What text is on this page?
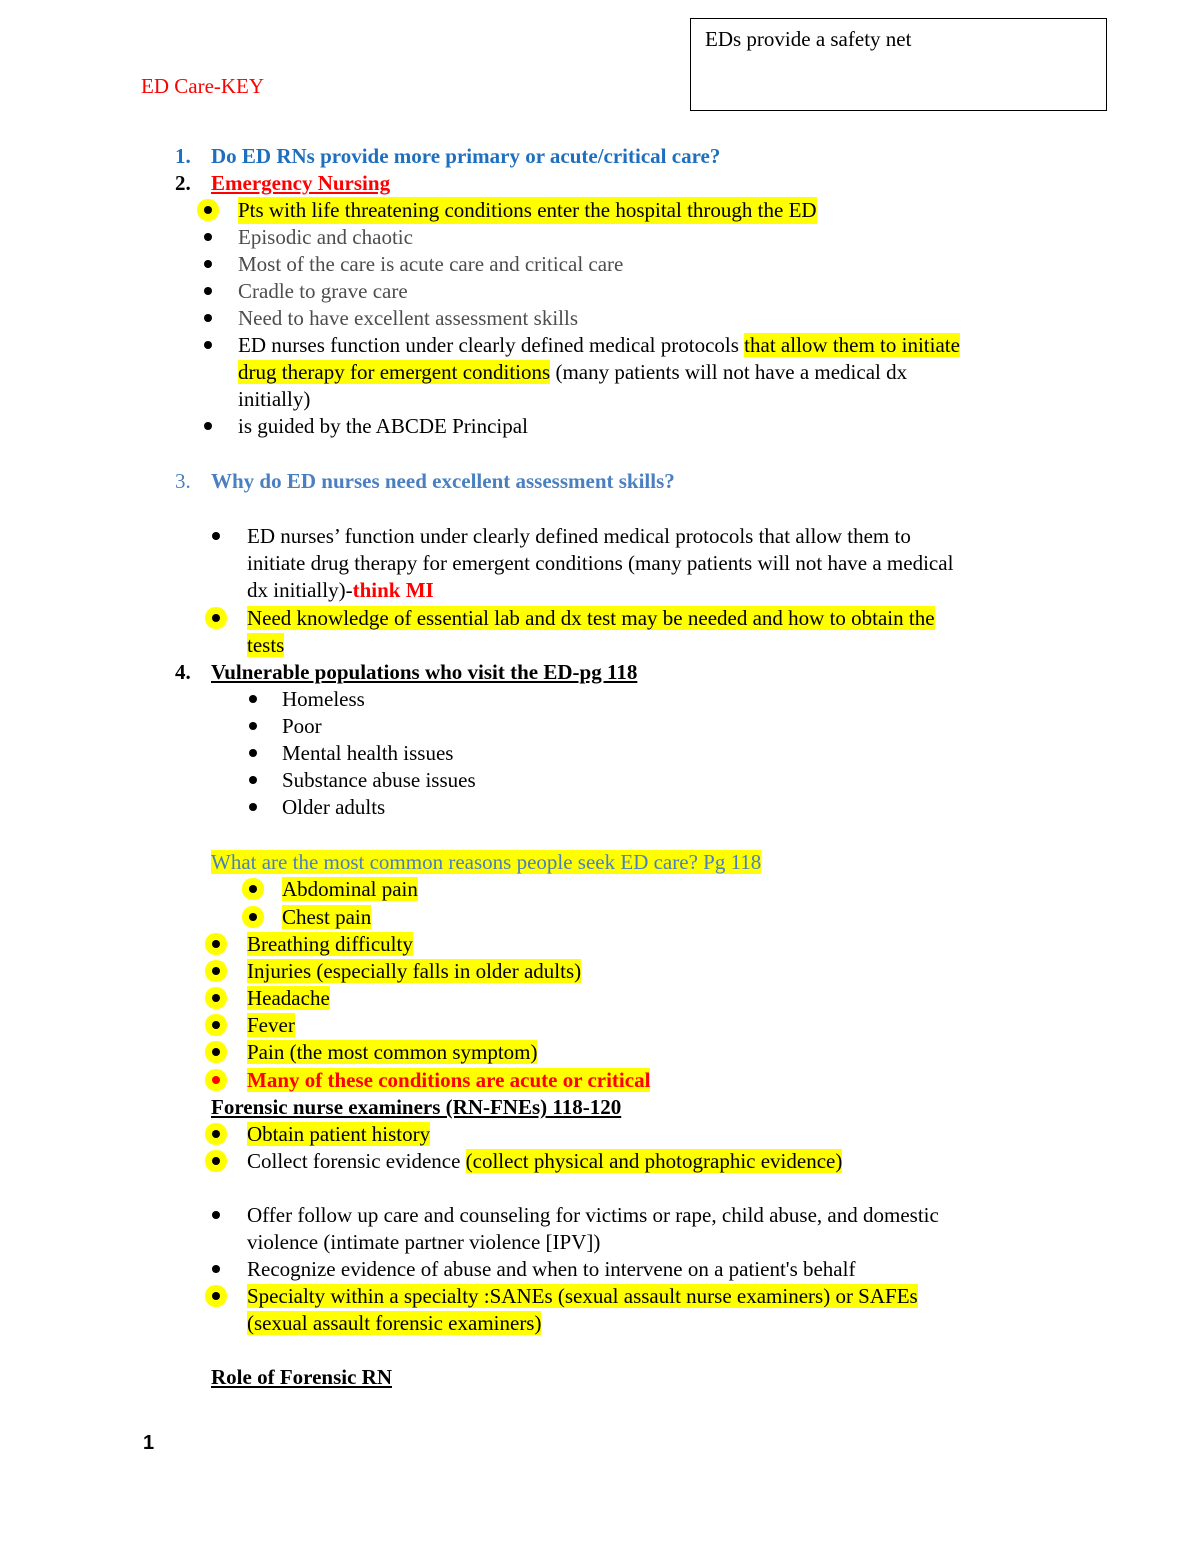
ED Care-KEY
EDs provide a safety net
1. Do ED RNs provide more primary or acute/critical care?
2. Emergency Nursing
Pts with life threatening conditions enter the hospital through the ED
Episodic and chaotic
Most of the care is acute care and critical care
Cradle to grave care
Need to have excellent assessment skills
ED nurses function under clearly defined medical protocols that allow them to initiate
drug therapy for emergent conditions (many patients will not have a medical dx
initially)
is guided by the ABCDE Principal
3. Why do ED nurses need excellent assessment skills?
ED nurses’ function under clearly defined medical protocols that allow them to
initiate drug therapy for emergent conditions (many patients will not have a medical
dx initially)-think MI
Need knowledge of essential lab and dx test may be needed and how to obtain the
tests
4. Vulnerable populations who visit the ED-pg 118
Homeless
Poor
Mental health issues
Substance abuse issues
Older adults
What are the most common reasons people seek ED care? Pg 118
Abdominal pain
Chest pain
Breathing difficulty
Injuries (especially falls in older adults)
Headache
Fever
Pain (the most common symptom)
Many of these conditions are acute or critical
Forensic nurse examiners (RN-FNEs) 118-120
Obtain patient history
Collect forensic evidence (collect physical and photographic evidence)
Offer follow up care and counseling for victims or rape, child abuse, and domestic
violence (intimate partner violence [IPV])
Recognize evidence of abuse and when to intervene on a patient's behalf
Specialty within a specialty :SANEs (sexual assault nurse examiners) or SAFEs
(sexual assault forensic examiners)
Role of Forensic RN
1
